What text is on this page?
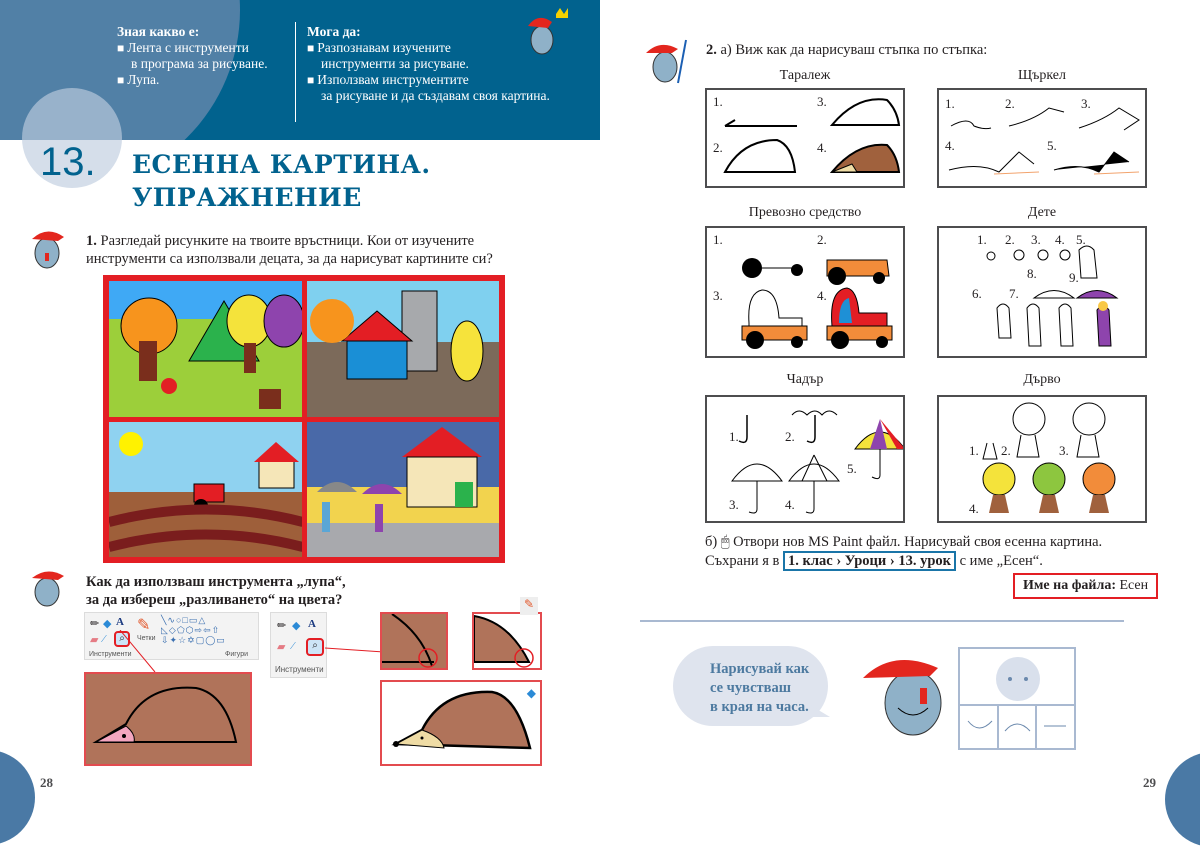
Зная какво е:
■ Лента с инструменти
в програма за рисуване.
■ Лупа.
Мога да:
■ Разпознавам изучените
инструменти за рисуване.
■ Използвам инструментите
за рисуване и да създавам своя картина.
13. ЕСЕННА КАРТИНА.
УПРАЖНЕНИЕ
1. Разгледай рисунките на твоите връстници. Кои от изучените инструменти са използвали децата, за да нарисуват картините си?
Как да използваш инструмента „лупа“,
за да избереш „разливането“ на цвета?
✏ ◆ A
▰ ⁄	⌕
✎
Четки
╲∿○□▭△
◺◇⬠⬡⇨⇦⇧
⇩✦☆✡▢◯▭
Инструменти	Фигури
✏ ◆ A
▰ ⁄	⌕
Инструменти
✎
◆
28
2. а) Виж как да нарисуваш стъпка по стъпка:
Таралеж	Щъркел
1.
2.
3.
4.
1.	2.	3.
4.	5.
Превозно средство	Дете
1.	2.
3.	4.
1. 2. 3. 4. 5.
6. 7.
8. 9.
Чадър	Дърво
1.	2.
3.	4.
5.
1. 2.	3.
4.
б) 🖱 Отвори нов MS Paint файл. Нарисувай своя есенна картина.
Съхрани я в 1. клас › Уроци › 13. урок с име „Есен“.
Име на файла: Есен
Нарисувай как
се чувстваш
в края на часа.
29
